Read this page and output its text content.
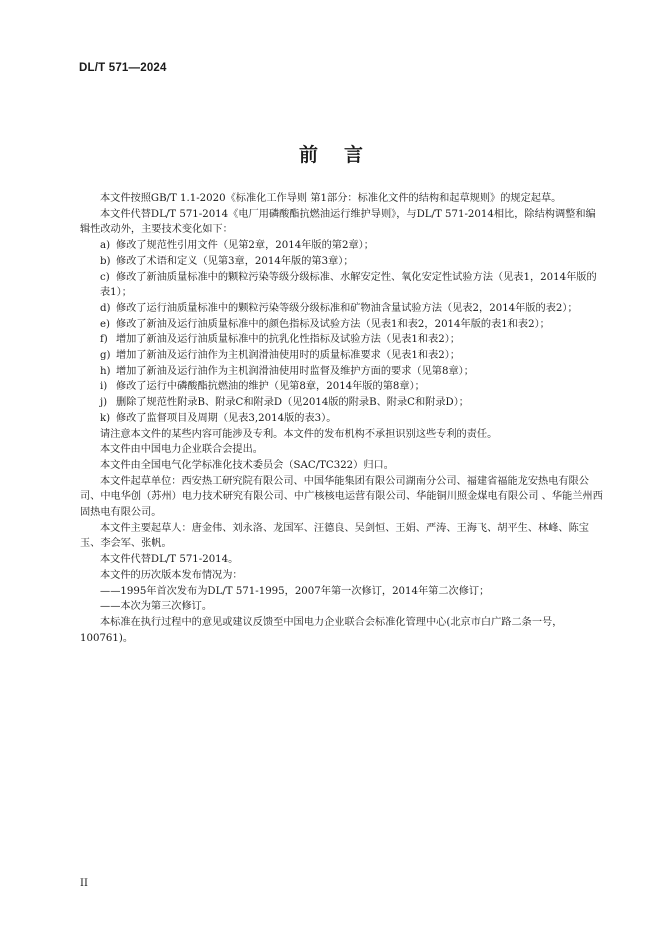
DL/T 571—2024
前 言

本文件按照GB/T 1.1-2020《标准化工作导则 第1部分：标准化文件的结构和起草规则》的规定起草。

本文件代替DL/T 571-2014《电厂用磷酸酯抗燃油运行维护导则》，与DL/T 571-2014相比，除结构调整和编辑性改动外，主要技术变化如下：

a) 修改了规范性引用文件（见第2章，2014年版的第2章）；

b) 修改了术语和定义（见第3章，2014年版的第3章）；

c) 修改了新油质量标准中的颗粒污染等级分级标准、水解安定性、氧化安定性试验方法（见表1，2014年版的表1）；

d) 修改了运行油质量标准中的颗粒污染等级分级标准和矿物油含量试验方法（见表2，2014年版的表2）；

e) 修改了新油及运行油质量标准中的颜色指标及试验方法（见表1和表2，2014年版的表1和表2）；

f) 增加了新油及运行油质量标准中的抗乳化性指标及试验方法（见表1和表2）；

g) 增加了新油及运行油作为主机润滑油使用时的质量标准要求（见表1和表2）；

h) 增加了新油及运行油作为主机润滑油使用时监督及维护方面的要求（见第8章）；

i) 修改了运行中磷酸酯抗燃油的维护（见第8章，2014年版的第8章）；

j) 删除了规范性附录B、附录C和附录D（见2014版的附录B、附录C和附录D）；

k) 修改了监督项目及周期（见表3,2014版的表3）。

请注意本文件的某些内容可能涉及专利。本文件的发布机构不承担识别这些专利的责任。

本文件由中国电力企业联合会提出。

本文件由全国电气化学标准化技术委员会（SAC/TC322）归口。

本文件起草单位：西安热工研究院有限公司、中国华能集团有限公司湖南分公司、福建省福能龙安热电有限公司、中电华创（苏州）电力技术研究有限公司、中广核核电运营有限公司、华能铜川照金煤电有限公司 、华能兰州西固热电有限公司。

本文件主要起草人：唐金伟、刘永洛、龙国军、汪德良、吴剑恒、王娟、严涛、王海飞、胡平生、林峰、陈宝玉、李会军、张帆。

本文件代替DL/T 571-2014。

本文件的历次版本发布情况为：

——1995年首次发布为DL/T 571-1995，2007年第一次修订，2014年第二次修订；

——本次为第三次修订。

本标准在执行过程中的意见或建议反馈至中国电力企业联合会标准化管理中心(北京市白广路二条一号，100761)。

II
